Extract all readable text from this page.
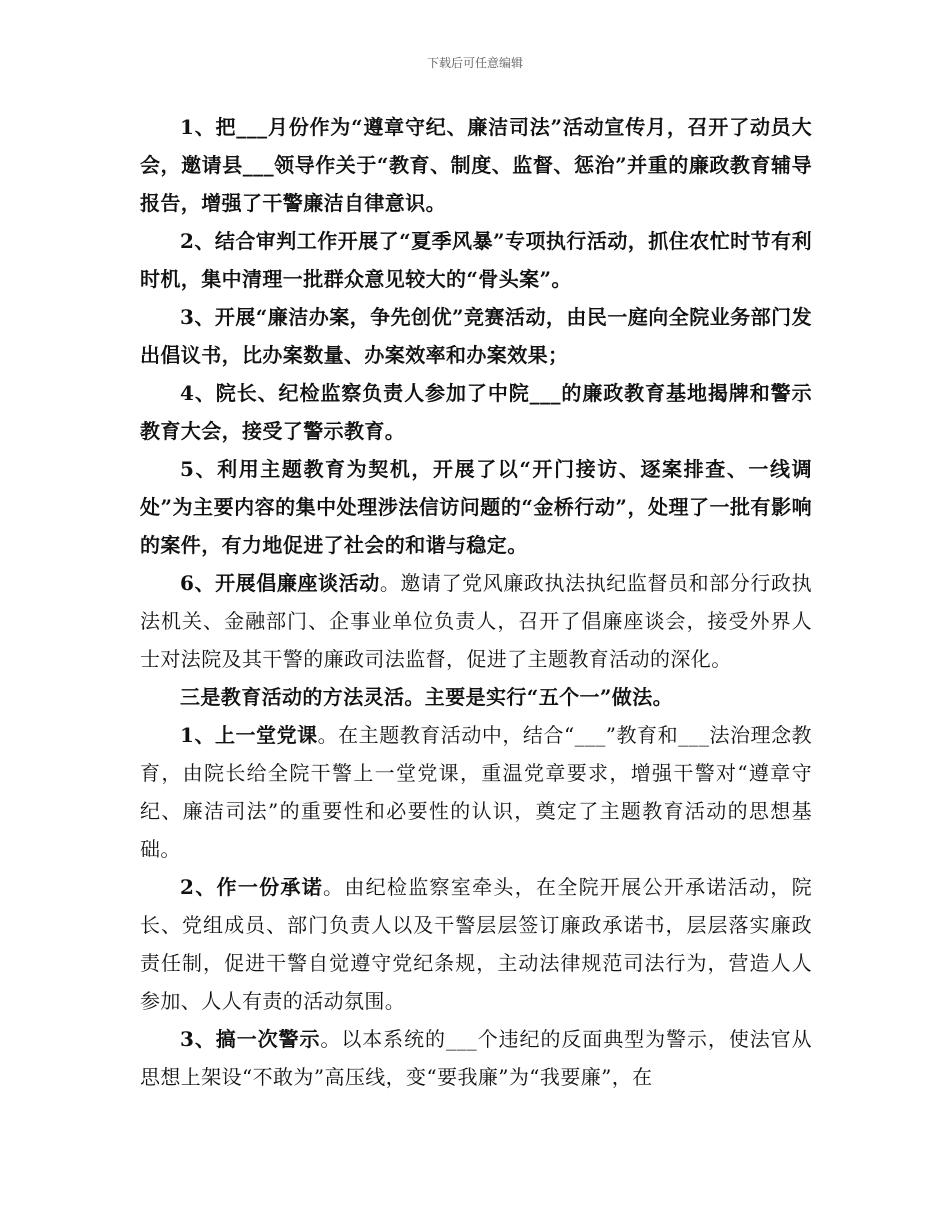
下载后可任意编辑

1、把___月份作为“遵章守纪、廉洁司法”活动宣传月，召开了动员大会，邀请县___领导作关于“教育、制度、监督、惩治”并重的廉政教育辅导报告，增强了干警廉洁自律意识。

2、结合审判工作开展了“夏季风暴”专项执行活动，抓住农忙时节有利时机，集中清理一批群众意见较大的“骨头案”。

3、开展“廉洁办案，争先创优”竞赛活动，由民一庭向全院业务部门发出倡议书，比办案数量、办案效率和办案效果；

4、院长、纪检监察负责人参加了中院___的廉政教育基地揭牌和警示教育大会，接受了警示教育。

5、利用主题教育为契机，开展了以“开门接访、逐案排查、一线调处”为主要内容的集中处理涉法信访问题的“金桥行动”，处理了一批有影响的案件，有力地促进了社会的和谐与稳定。

6、开展倡廉座谈活动。邀请了党风廉政执法执纪监督员和部分行政执法机关、金融部门、企事业单位负责人，召开了倡廉座谈会，接受外界人士对法院及其干警的廉政司法监督，促进了主题教育活动的深化。

三是教育活动的方法灵活。主要是实行“五个一”做法。

1、上一堂党课。在主题教育活动中，结合“___”教育和___法治理念教育，由院长给全院干警上一堂党课，重温党章要求，增强干警对“遵章守纪、廉洁司法”的重要性和必要性的认识，奠定了主题教育活动的思想基础。

2、作一份承诺。由纪检监察室牵头，在全院开展公开承诺活动，院长、党组成员、部门负责人以及干警层层签订廉政承诺书，层层落实廉政责任制，促进干警自觉遵守党纪条规，主动法律规范司法行为，营造人人参加、人人有责的活动氛围。

3、搞一次警示。以本系统的___个违纪的反面典型为警示，使法官从思想上架设“不敢为”高压线，变“要我廉”为“我要廉”，在
